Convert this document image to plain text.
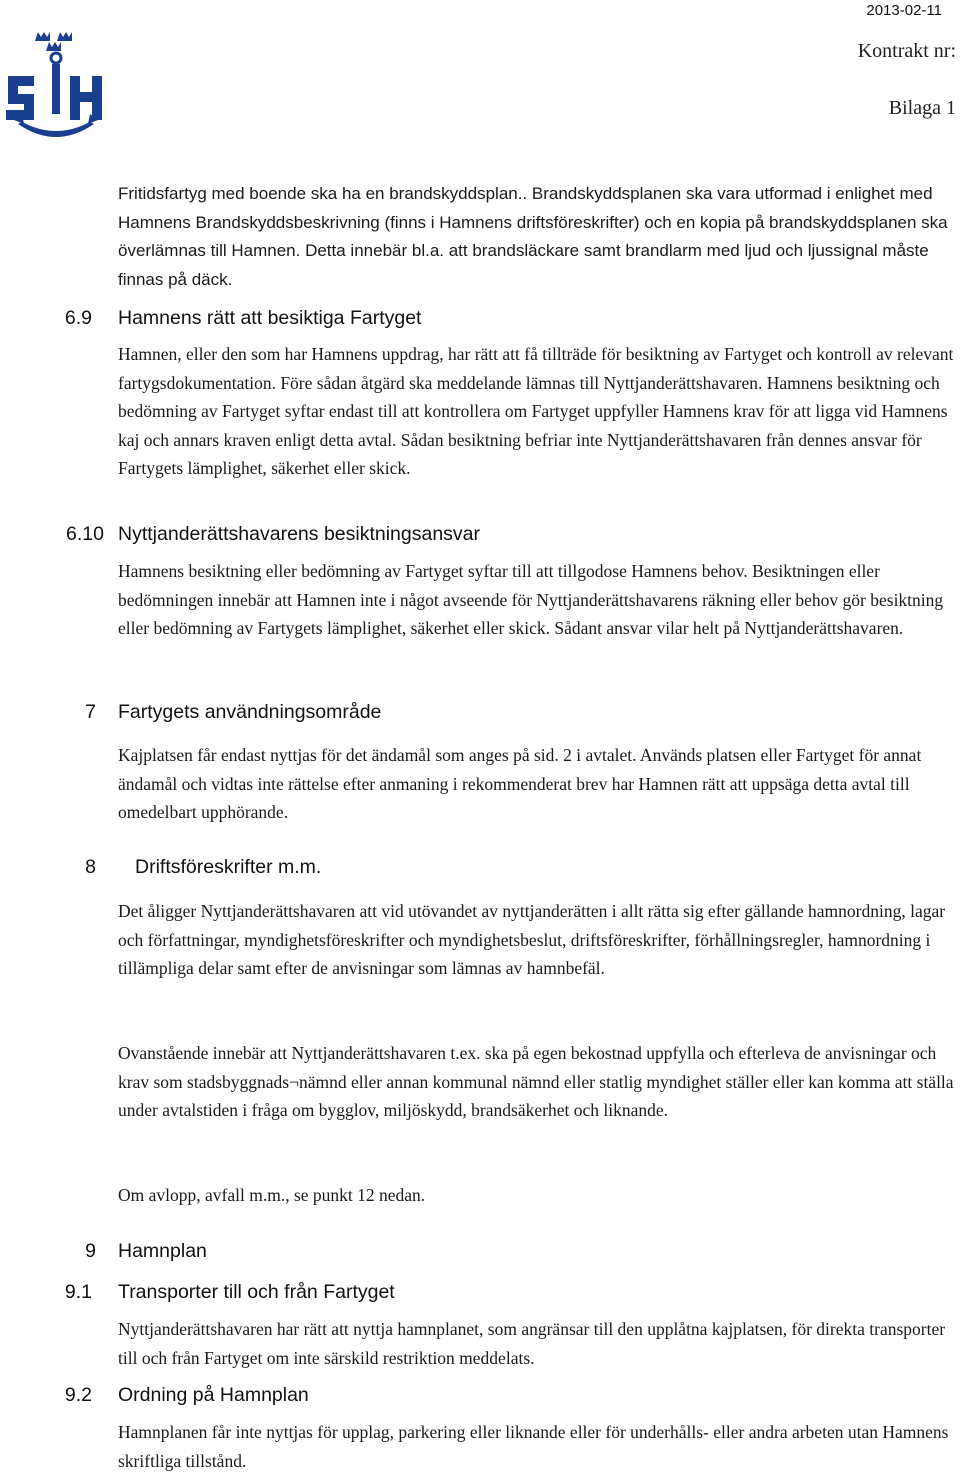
2013-02-11
Kontrakt nr:
Bilaga 1

Fritidsfartyg med boende ska ha en brandskyddsplan.. Brandskyddsplanen ska vara utformad i enlighet med Hamnens Brandskyddsbeskrivning (finns i Hamnens driftsföreskrifter) och en kopia på brandskyddsplanen ska överlämnas till Hamnen. Detta innebär bl.a. att brandsläckare samt brandlarm med ljud och ljussignal måste finnas på däck.

6.9 Hamnens rätt att besiktiga Fartyget

Hamnen, eller den som har Hamnens uppdrag, har rätt att få tillträde för besiktning av Fartyget och kontroll av relevant fartygsdokumentation. Före sådan åtgärd ska meddelande lämnas till Nyttjanderättshavaren. Hamnens besiktning och bedömning av Fartyget syftar endast till att kontrollera om Fartyget uppfyller Hamnens krav för att ligga vid Hamnens kaj och annars kraven enligt detta avtal. Sådan besiktning befriar inte Nyttjanderättshavaren från dennes ansvar för Fartygets lämplighet, säkerhet eller skick.

6.10 Nyttjanderättshavarens besiktningsansvar

Hamnens besiktning eller bedömning av Fartyget syftar till att tillgodose Hamnens behov. Besiktningen eller bedömningen innebär att Hamnen inte i något avseende för Nyttjanderättshavarens räkning eller behov gör besiktning eller bedömning av Fartygets lämplighet, säkerhet eller skick. Sådant ansvar vilar helt på Nyttjanderättshavaren.

7 Fartygets användningsområde

Kajplatsen får endast nyttjas för det ändamål som anges på sid. 2 i avtalet. Används platsen eller Fartyget för annat ändamål och vidtas inte rättelse efter anmaning i rekommenderat brev har Hamnen rätt att uppsäga detta avtal till omedelbart upphörande.

8 Driftsföreskrifter m.m.

Det åligger Nyttjanderättshavaren att vid utövandet av nyttjanderätten i allt rätta sig efter gällande hamnordning, lagar och författningar, myndighetsföreskrifter och myndighetsbeslut, driftsföreskrifter, förhållningsregler, hamnordning i tillämpliga delar samt efter de anvisningar som lämnas av hamnbefäl.

Ovanstående innebär att Nyttjanderättshavaren t.ex. ska på egen bekostnad uppfylla och efterleva de anvisningar och krav som stadsbyggnads¬nämnd eller annan kommunal nämnd eller statlig myndighet ställer eller kan komma att ställa under avtalstiden i fråga om bygglov, miljöskydd, brandsäkerhet och liknande.

Om avlopp, avfall m.m., se punkt 12 nedan.

9 Hamnplan
9.1 Transporter till och från Fartyget

Nyttjanderättshavaren har rätt att nyttja hamnplanet, som angränsar till den upplåtna kajplatsen, för direkta transporter till och från Fartyget om inte särskild restriktion meddelats.

9.2 Ordning på Hamnplan

Hamnplanen får inte nyttjas för upplag, parkering eller liknande eller för underhålls- eller andra arbeten utan Hamnens skriftliga tillstånd.
